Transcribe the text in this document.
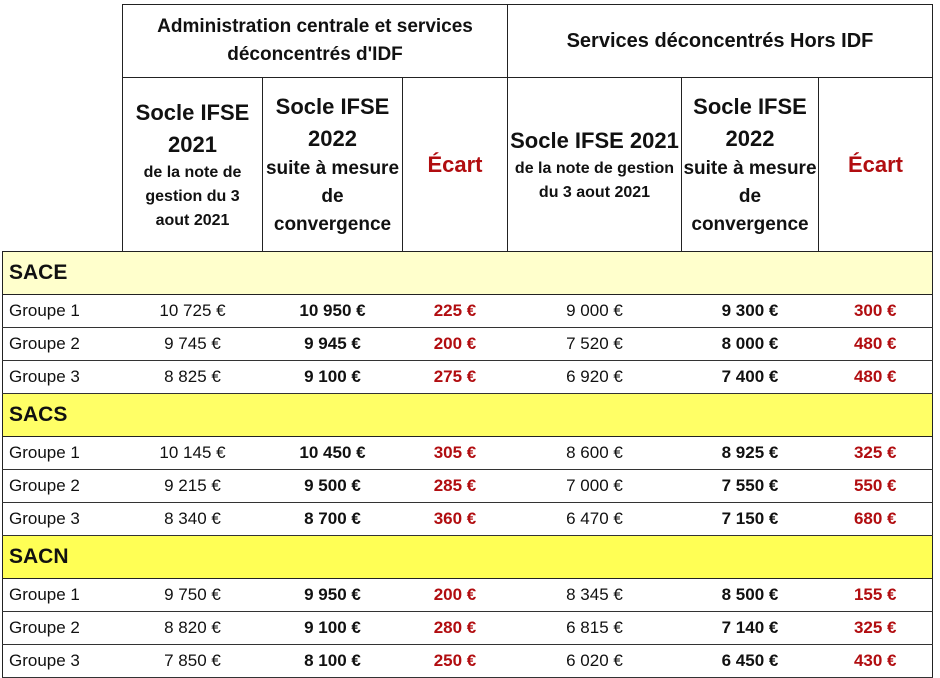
	Administration centrale et services déconcentrés d'IDF			Services déconcentrés Hors IDF		

	Socle IFSE 2021
de la note de gestion du 3 aout 2021	Socle IFSE 2022
suite à mesure de convergence	Écart	Socle IFSE 2021
de la note de gestion du 3 aout 2021	Socle IFSE 2022
suite à mesure de convergence	Écart
SACE						
Groupe 1	10 725 €	10 950 €	225 €	9 000 €	9 300 €	300 €
Groupe 2	9 745 €	9 945 €	200 €	7 520 €	8 000 €	480 €
Groupe 3	8 825 €	9 100 €	275 €	6 920 €	7 400 €	480 €
SACS						
Groupe 1	10 145 €	10 450 €	305 €	8 600 €	8 925 €	325 €
Groupe 2	9 215 €	9 500 €	285 €	7 000 €	7 550 €	550 €
Groupe 3	8 340 €	8 700 €	360 €	6 470 €	7 150 €	680 €
SACN						
Groupe 1	9 750 €	9 950 €	200 €	8 345 €	8 500 €	155 €
Groupe 2	8 820 €	9 100 €	280 €	6 815 €	7 140 €	325 €
Groupe 3	7 850 €	8 100 €	250 €	6 020 €	6 450 €	430 €
